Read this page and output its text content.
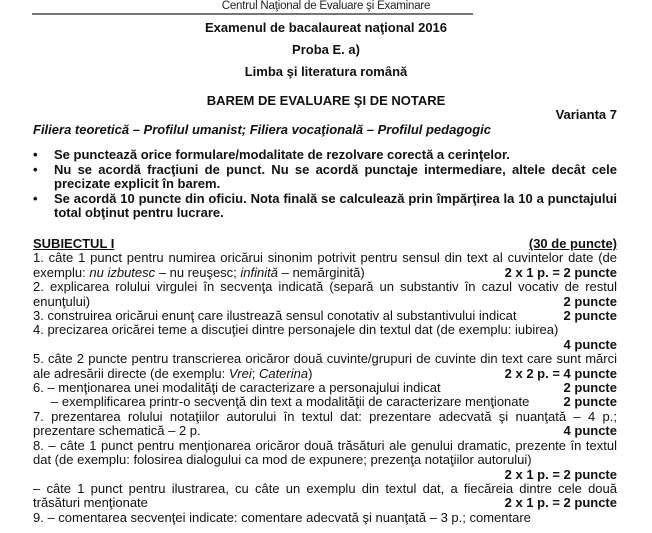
Centrul Naţional de Evaluare şi Examinare
Examenul de bacalaureat naţional 2016
Proba E. a)
Limba şi literatura română
BAREM DE EVALUARE ŞI DE NOTARE
Varianta 7
Filiera teoretică – Profilul umanist; Filiera vocaţională – Profilul pedagogic
• Se punctează orice formulare/modalitate de rezolvare corectă a cerinţelor.
• Nu se acordă fracţiuni de punct. Nu se acordă punctaje intermediare, altele decât cele precizate explicit în barem.
• Se acordă 10 puncte din oficiu. Nota finală se calculează prin împărţirea la 10 a punctajului total obţinut pentru lucrare.
SUBIECTUL I	(30 de puncte)
1. câte 1 punct pentru numirea oricărui sinonim potrivit pentru sensul din text al cuvintelor date (de exemplu: nu izbutesc – nu reuşesc; infinită – nemărginită)	2 x 1 p. = 2 puncte
2. explicarea rolului virgulei în secvenţa indicată (separă un substantiv în cazul vocativ de restul enunţului)	2 puncte
3. construirea oricărui enunţ care ilustrează sensul conotativ al substantivului indicat	2 puncte
4. precizarea oricărei teme a discuţiei dintre personajele din textul dat (de exemplu: iubirea)
4 puncte
5. câte 2 puncte pentru transcrierea oricăror două cuvinte/grupuri de cuvinte din text care sunt mărci ale adresării directe (de exemplu: Vrei; Caterina)	2 x 2 p. = 4 puncte
6. – menţionarea unei modalităţi de caracterizare a personajului indicat	2 puncte
– exemplificarea printr-o secvenţă din text a modalităţii de caracterizare menţionate	2 puncte
7. prezentarea rolului notaţiilor autorului în textul dat: prezentare adecvată şi nuanţată – 4 p.; prezentare schematică – 2 p.	4 puncte
8. – câte 1 punct pentru menţionarea oricăror două trăsături ale genului dramatic, prezente în textul dat (de exemplu: folosirea dialogului ca mod de expunere; prezenţa notaţiilor autorului)
2 x 1 p. = 2 puncte
– câte 1 punct pentru ilustrarea, cu câte un exemplu din textul dat, a fiecăreia dintre cele două trăsături menţionate	2 x 1 p. = 2 puncte
9. – comentarea secvenţei indicate: comentare adecvată şi nuanţată – 3 p.; comentare
